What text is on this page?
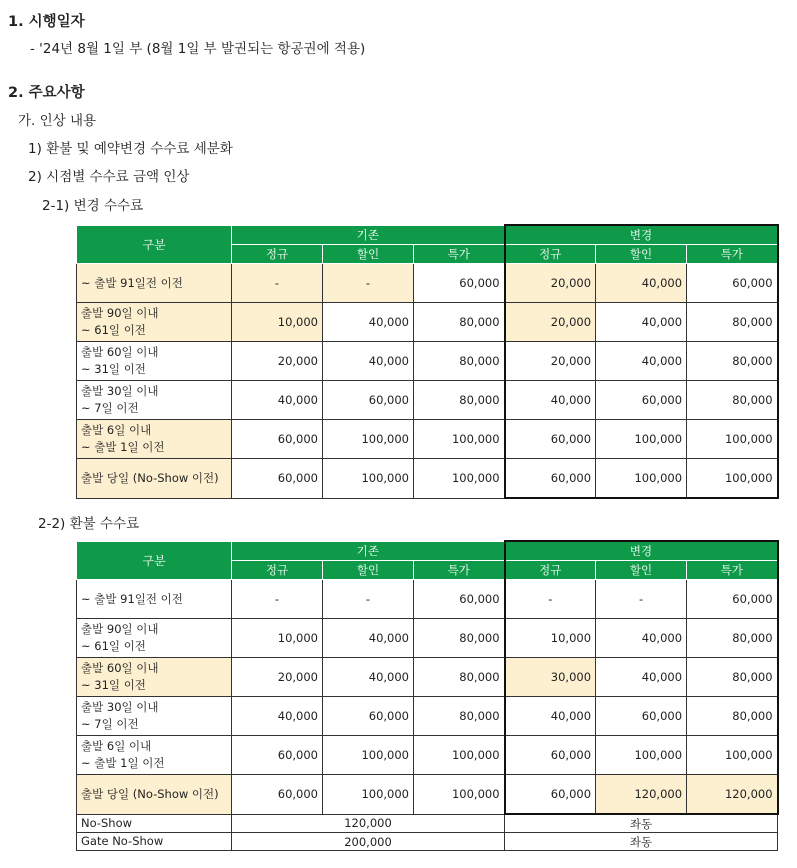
1. 시행일자
- '24년 8월 1일 부 (8월 1일 부 발권되는 항공권에 적용)
2. 주요사항
가. 인상 내용
1) 환불 및 예약변경 수수료 세분화
2) 시점별 수수료 금액 인상
2-1) 변경 수수료
구분	기존			변경		
	정규	할인	특가	정규	할인	특가
~ 출발 91일전 이전	-	-	60,000	20,000	40,000	60,000
출발 90일 이내
~ 61일 이전	10,000	40,000	80,000	20,000	40,000	80,000
출발 60일 이내
~ 31일 이전	20,000	40,000	80,000	20,000	40,000	80,000
출발 30일 이내
~ 7일 이전	40,000	60,000	80,000	40,000	60,000	80,000
출발 6일 이내
~ 출발 1일 이전	60,000	100,000	100,000	60,000	100,000	100,000
출발 당일 (No-Show 이전)	60,000	100,000	100,000	60,000	100,000	100,000
2-2) 환불 수수료
구분	기존			변경		
	정규	할인	특가	정규	할인	특가
~ 출발 91일전 이전	-	-	60,000	-	-	60,000
출발 90일 이내
~ 61일 이전	10,000	40,000	80,000	10,000	40,000	80,000
출발 60일 이내
~ 31일 이전	20,000	40,000	80,000	30,000	40,000	80,000
출발 30일 이내
~ 7일 이전	40,000	60,000	80,000	40,000	60,000	80,000
출발 6일 이내
~ 출발 1일 이전	60,000	100,000	100,000	60,000	100,000	100,000
출발 당일 (No-Show 이전)	60,000	100,000	100,000	60,000	120,000	120,000
No-Show	120,000			좌동		
Gate No-Show	200,000			좌동		
